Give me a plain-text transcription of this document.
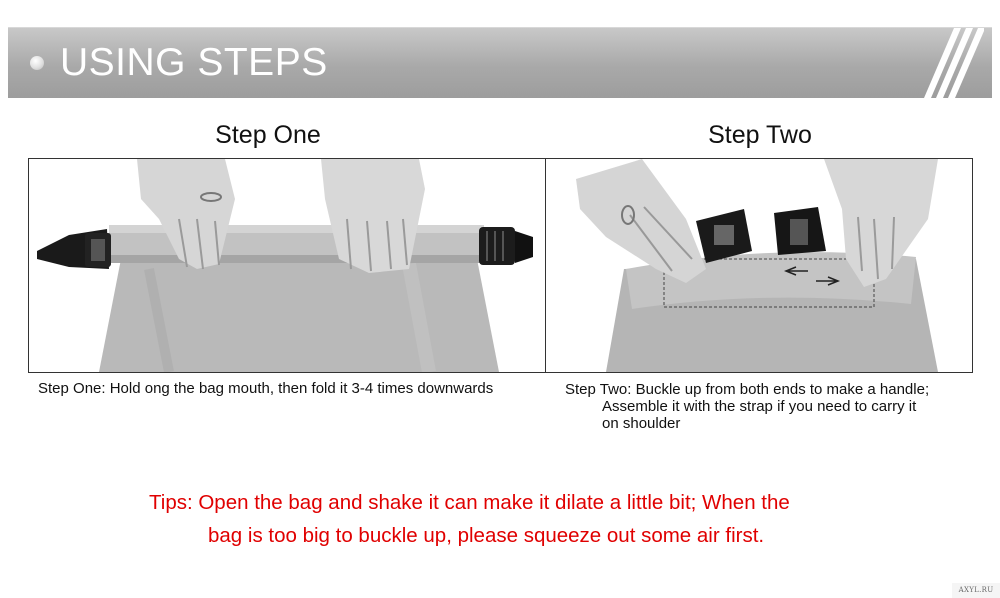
USING STEPS
Step One	Step Two
Step One: Hold ong the bag mouth, then fold it 3-4 times downwards	Step Two: Buckle up from both ends to make a handle;
Assemble it with the strap if you need to carry it
on shoulder
Tips: Open the bag and shake it can make it dilate a little bit; When the
bag is too big to buckle up, please squeeze out some air first.
AXYL.RU
